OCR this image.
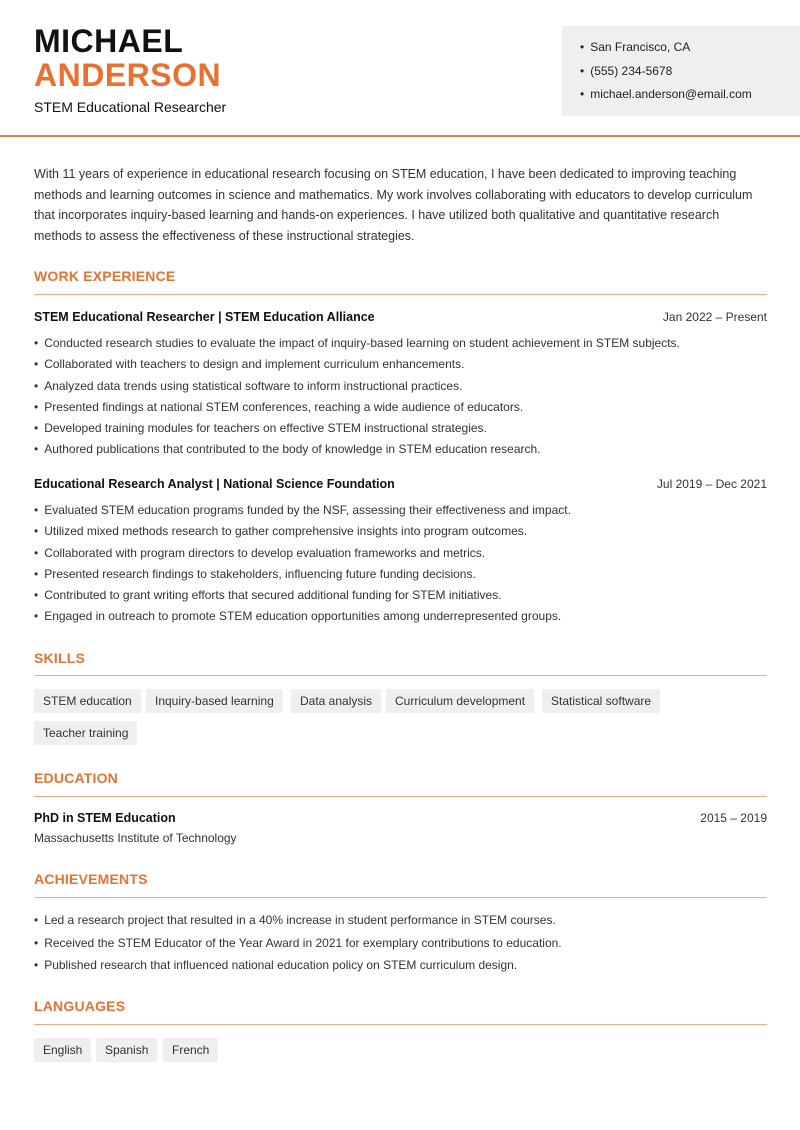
MICHAEL
ANDERSON
STEM Educational Researcher
• San Francisco, CA
• (555) 234-5678
• michael.anderson@email.com

With 11 years of experience in educational research focusing on STEM education, I have been dedicated to improving teaching methods and learning outcomes in science and mathematics. My work involves collaborating with educators to develop curriculum that incorporates inquiry-based learning and hands-on experiences. I have utilized both qualitative and quantitative research methods to assess the effectiveness of these instructional strategies.

WORK EXPERIENCE
STEM Educational Researcher | STEM Education Alliance	Jan 2022 – Present
• Conducted research studies to evaluate the impact of inquiry-based learning on student achievement in STEM subjects.
• Collaborated with teachers to design and implement curriculum enhancements.
• Analyzed data trends using statistical software to inform instructional practices.
• Presented findings at national STEM conferences, reaching a wide audience of educators.
• Developed training modules for teachers on effective STEM instructional strategies.
• Authored publications that contributed to the body of knowledge in STEM education research.
Educational Research Analyst | National Science Foundation	Jul 2019 – Dec 2021
• Evaluated STEM education programs funded by the NSF, assessing their effectiveness and impact.
• Utilized mixed methods research to gather comprehensive insights into program outcomes.
• Collaborated with program directors to develop evaluation frameworks and metrics.
• Presented research findings to stakeholders, influencing future funding decisions.
• Contributed to grant writing efforts that secured additional funding for STEM initiatives.
• Engaged in outreach to promote STEM education opportunities among underrepresented groups.
SKILLS
STEM education	Inquiry-based learning	Data analysis	Curriculum development	Statistical software
Teacher training
EDUCATION
PhD in STEM Education	2015 – 2019
Massachusetts Institute of Technology
ACHIEVEMENTS
• Led a research project that resulted in a 40% increase in student performance in STEM courses.
• Received the STEM Educator of the Year Award in 2021 for exemplary contributions to education.
• Published research that influenced national education policy on STEM curriculum design.
LANGUAGES
English	Spanish	French
